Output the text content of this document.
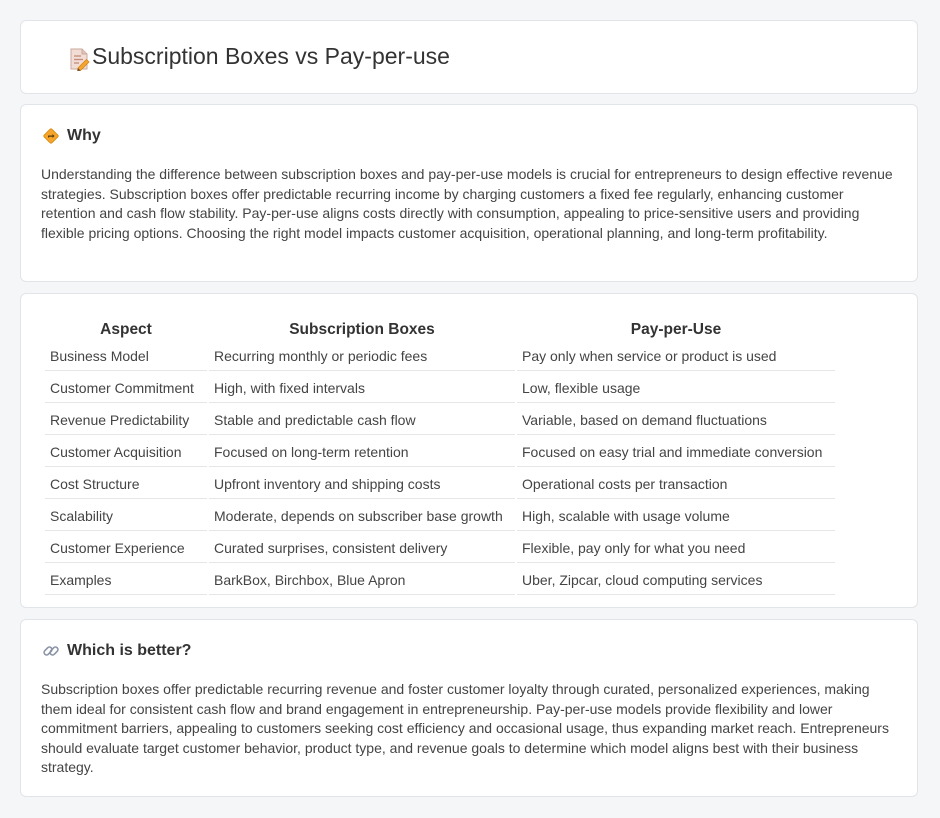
Subscription Boxes vs Pay-per-use
Why

Understanding the difference between subscription boxes and pay-per-use models is crucial for entrepreneurs to design effective revenue strategies. Subscription boxes offer predictable recurring income by charging customers a fixed fee regularly, enhancing customer retention and cash flow stability. Pay-per-use aligns costs directly with consumption, appealing to price-sensitive users and providing flexible pricing options. Choosing the right model impacts customer acquisition, operational planning, and long-term profitability.

Aspect	Subscription Boxes	Pay-per-Use
Business Model	Recurring monthly or periodic fees	Pay only when service or product is used
Customer Commitment	High, with fixed intervals	Low, flexible usage
Revenue Predictability	Stable and predictable cash flow	Variable, based on demand fluctuations
Customer Acquisition	Focused on long-term retention	Focused on easy trial and immediate conversion
Cost Structure	Upfront inventory and shipping costs	Operational costs per transaction
Scalability	Moderate, depends on subscriber base growth	High, scalable with usage volume
Customer Experience	Curated surprises, consistent delivery	Flexible, pay only for what you need
Examples	BarkBox, Birchbox, Blue Apron	Uber, Zipcar, cloud computing services
Which is better?

Subscription boxes offer predictable recurring revenue and foster customer loyalty through curated, personalized experiences, making them ideal for consistent cash flow and brand engagement in entrepreneurship. Pay-per-use models provide flexibility and lower commitment barriers, appealing to customers seeking cost efficiency and occasional usage, thus expanding market reach. Entrepreneurs should evaluate target customer behavior, product type, and revenue goals to determine which model aligns best with their business strategy.
